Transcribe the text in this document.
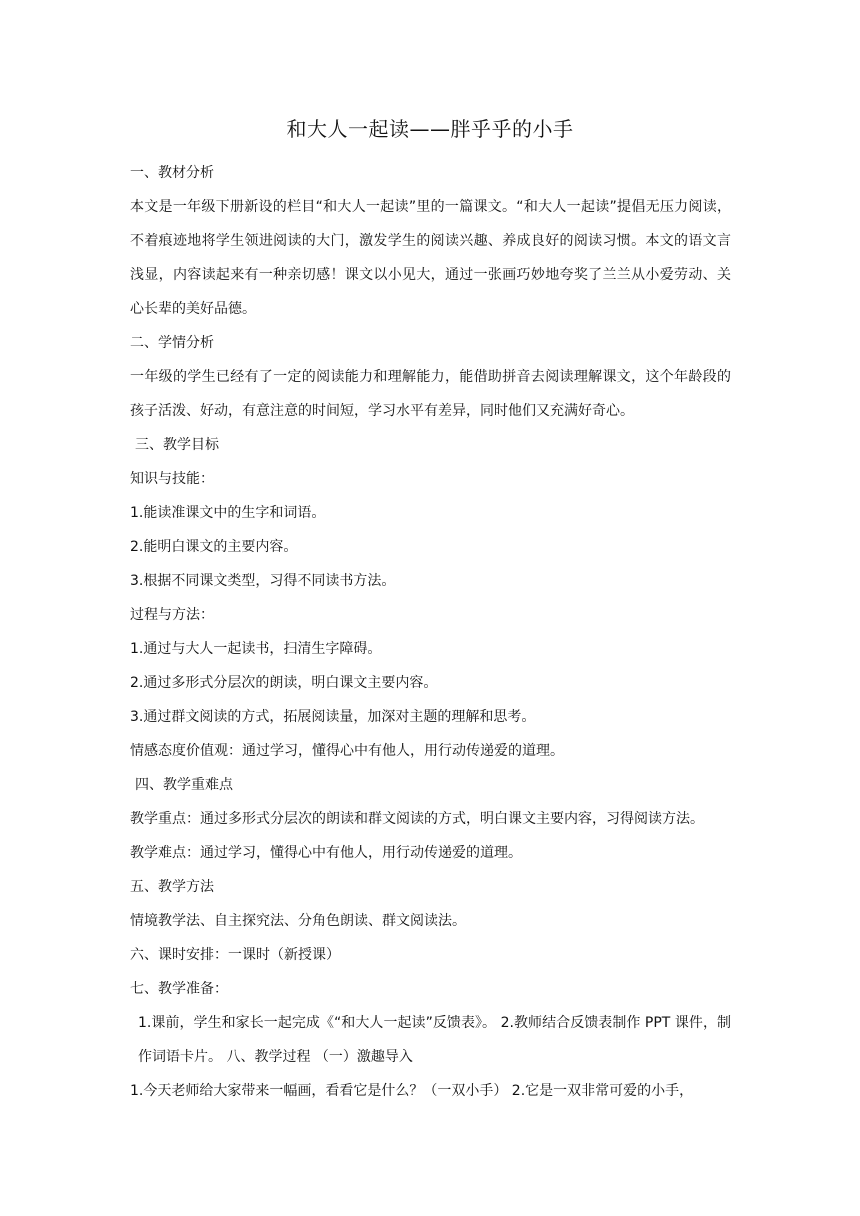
和大人一起读——胖乎乎的小手

一、教材分析

本文是一年级下册新设的栏目“和大人一起读”里的一篇课文。“和大人一起读”提倡无压力阅读，不着痕迹地将学生领进阅读的大门，激发学生的阅读兴趣、养成良好的阅读习惯。本文的语文言浅显，内容读起来有一种亲切感！课文以小见大，通过一张画巧妙地夸奖了兰兰从小爱劳动、关心长辈的美好品德。

二、学情分析

一年级的学生已经有了一定的阅读能力和理解能力，能借助拼音去阅读理解课文，这个年龄段的孩子活泼、好动，有意注意的时间短，学习水平有差异，同时他们又充满好奇心。

三、教学目标

知识与技能：

1.能读准课文中的生字和词语。

2.能明白课文的主要内容。

3.根据不同课文类型，习得不同读书方法。

过程与方法：

1.通过与大人一起读书，扫清生字障碍。

2.通过多形式分层次的朗读，明白课文主要内容。

3.通过群文阅读的方式，拓展阅读量，加深对主题的理解和思考。

情感态度价值观：通过学习，懂得心中有他人，用行动传递爱的道理。

四、教学重难点

教学重点：通过多形式分层次的朗读和群文阅读的方式，明白课文主要内容，习得阅读方法。

教学难点：通过学习，懂得心中有他人，用行动传递爱的道理。

五、教学方法

情境教学法、自主探究法、分角色朗读、群文阅读法。

六、课时安排：一课时（新授课）

七、教学准备：

1.课前，学生和家长一起完成《“和大人一起读”反馈表》。 2.教师结合反馈表制作 PPT 课件，制作词语卡片。 八、教学过程 （一）激趣导入

1.今天老师给大家带来一幅画，看看它是什么？（一双小手） 2.它是一双非常可爱的小手，
